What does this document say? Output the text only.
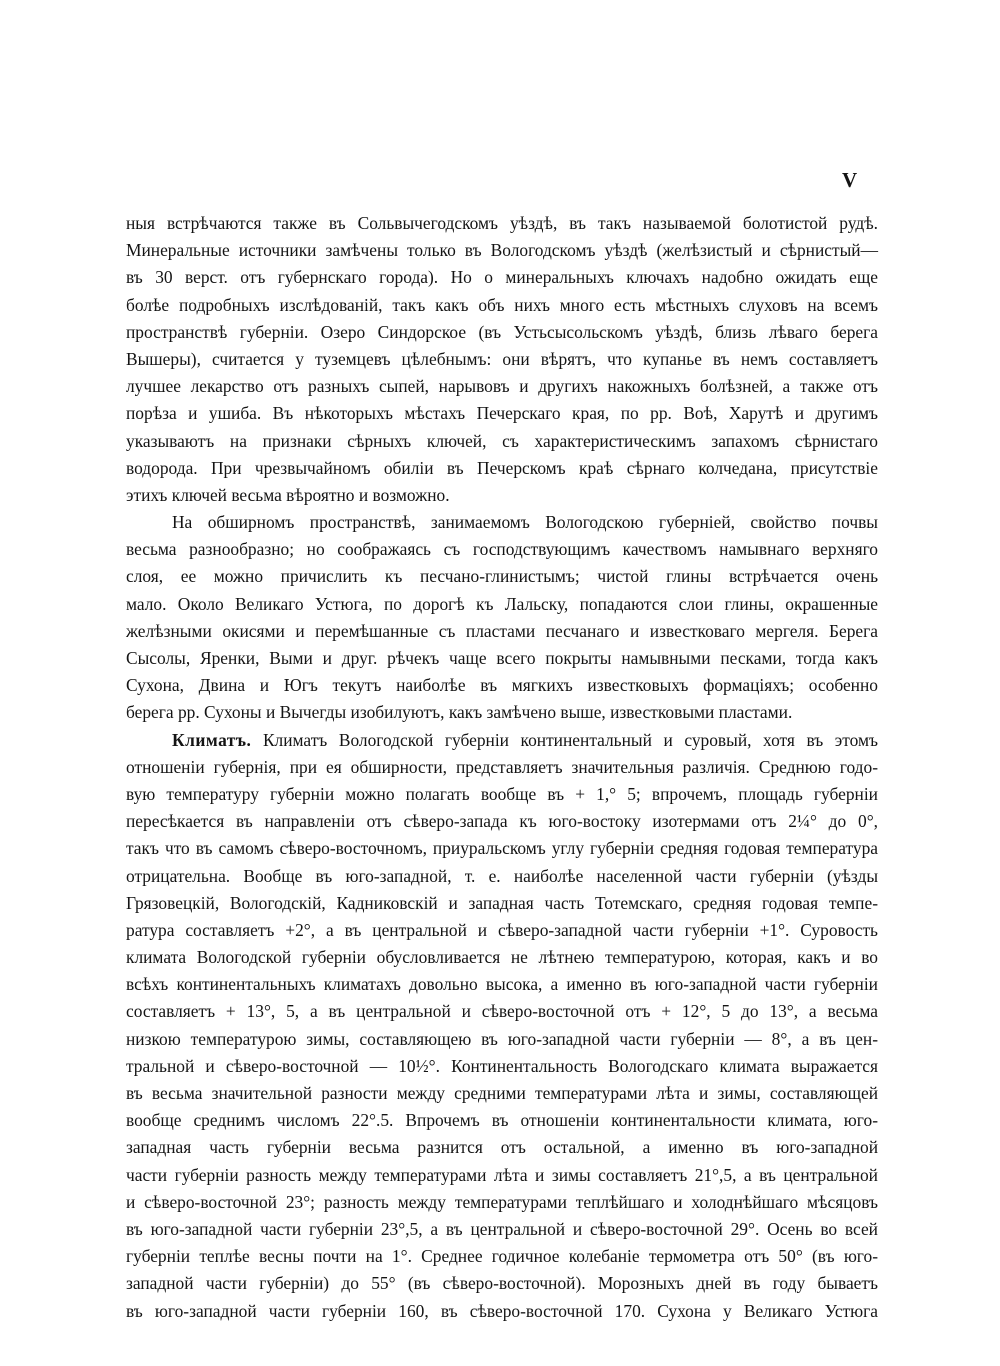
V
ныя встрѣчаются также въ Сольвычегодскомъ уѣздѣ, въ такъ называемой болотистой рудѣ.
Минеральные источники замѣчены только въ Вологодскомъ уѣздѣ (желѣзистый и сѣрнистый—
въ 30 верст. отъ губернскаго города). Но о минеральныхъ ключахъ надобно ожидать еще
болѣе подробныхъ изслѣдованій, такъ какъ объ нихъ много есть мѣстныхъ слуховъ на всемъ
пространствѣ губерніи. Озеро Синдорское (въ Устьсысольскомъ уѣздѣ, близь лѣваго берега
Вышеры), считается у туземцевъ цѣлебнымъ: они вѣрятъ, что купанье въ немъ составляетъ
лучшее лекарство отъ разныхъ сыпей, нарывовъ и другихъ накожныхъ болѣзней, а также отъ
порѣза и ушиба. Въ нѣкоторыхъ мѣстахъ Печерскаго края, по рр. Воѣ, Харутѣ и другимъ
указываютъ на признаки сѣрныхъ ключей, съ характеристическимъ запахомъ сѣрнистаго
водорода. При чрезвычайномъ обиліи въ Печерскомъ краѣ сѣрнаго колчедана, присутствіе
этихъ ключей весьма вѣроятно и возможно.
На обширномъ пространствѣ, занимаемомъ Вологодскою губерніей, свойство почвы
весьма разнообразно; но соображаясь съ господствующимъ качествомъ намывнаго верхняго
слоя, ее можно причислить къ песчано-глинистымъ; чистой глины встрѣчается очень
мало. Около Великаго Устюга, по дорогѣ къ Лальску, попадаются слои глины, окрашенные
желѣзными окисями и перемѣшанные съ пластами песчанаго и известковаго мергеля. Берега
Сысолы, Яренки, Выми и друг. рѣчекъ чаще всего покрыты намывными песками, тогда какъ
Сухона, Двина и Югъ текутъ наиболѣе въ мягкихъ известковыхъ формаціяхъ; особенно
берега рр. Сухоны и Вычегды изобилуютъ, какъ замѣчено выше, известковыми пластами.
Климатъ. Климатъ Вологодской губерніи континентальный и суровый, хотя въ этомъ
отношеніи губернія, при ея обширности, представляетъ значительныя различія. Среднюю годо-
вую температуру губерніи можно полагать вообще въ + 1,° 5; впрочемъ, площадь губерніи
пересѣкается въ направленіи отъ сѣверо-запада къ юго-востоку изотермами отъ 2¼° до 0°,
такъ что въ самомъ сѣверо-восточномъ, приуральскомъ углу губерніи средняя годовая температура
отрицательна. Вообще въ юго-западной, т. е. наиболѣе населенной части губерніи (уѣзды
Грязовецкій, Вологодскій, Кадниковскій и западная часть Тотемскаго, средняя годовая темпе-
ратура составляетъ +2°, а въ центральной и сѣверо-западной части губерніи +1°. Суровость
климата Вологодской губерніи обусловливается не лѣтнею температурою, которая, какъ и во
всѣхъ континентальныхъ климатахъ довольно высока, а именно въ юго-западной части губерніи
составляетъ + 13°, 5, а въ центральной и сѣверо-восточной отъ + 12°, 5 до 13°, а весьма
низкою температурою зимы, составляющею въ юго-западной части губерніи — 8°, а въ цен-
тральной и сѣверо-восточной — 10½°. Континентальность Вологодскаго климата выражается
въ весьма значительной разности между средними температурами лѣта и зимы, составляющей
вообще среднимъ числомъ 22°.5. Впрочемъ въ отношеніи континентальности климата, юго-
западная часть губерніи весьма разнится отъ остальной, а именно въ юго-западной
части губерніи разность между температурами лѣта и зимы составляетъ 21°,5, а въ центральной
и сѣверо-восточной 23°; разность между температурами теплѣйшаго и холоднѣйшаго мѣсяцовъ
въ юго-западной части губерніи 23°,5, а въ центральной и сѣверо-восточной 29°. Осень во всей
губерніи теплѣе весны почти на 1°. Среднее годичное колебаніе термометра отъ 50° (въ юго-
западной части губерніи) до 55° (въ сѣверо-восточной). Морозныхъ дней въ году бываетъ
въ юго-западной части губерніи 160, въ сѣверо-восточной 170. Сухона у Великаго Устюга
